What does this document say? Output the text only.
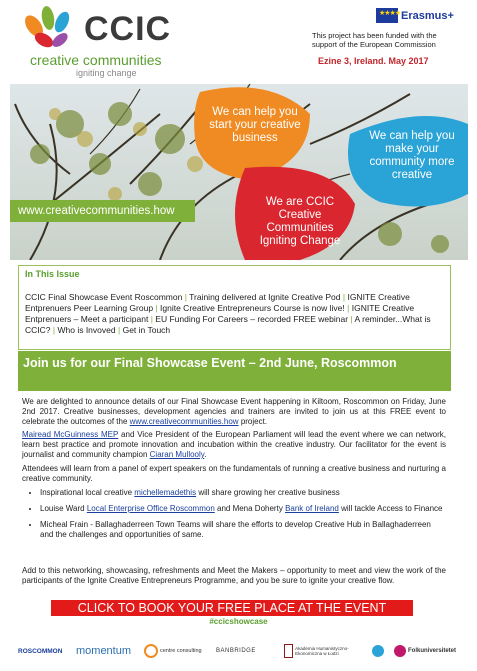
CCIC
creative communities
igniting change
★★★★ Erasmus+
This project has been funded with the support of the European Commission
Ezine 3, Ireland. May 2017
We can help you start your creative business	We can help you make your community more creative
We are CCIC Creative Communities Igniting Change
www.creativecommunities.how
In This Issue
CCIC Final Showcase Event Roscommon | Training delivered at Ignite Creative Pod | IGNITE Creative Entprenuers Peer Learning Group | Ignite Creative Entrepreneurs Course is now live! | IGNITE Creative Entprenuers – Meet a participant | EU Funding For Careers – recorded FREE webinar | A reminder...What is CCIC? | Who is Invoved | Get in Touch
Join us for our Final Showcase Event – 2nd June, Roscommon
We are delighted to announce details of our Final Showcase Event happening in Kiltoom, Roscommon on Friday, June 2nd 2017. Creative businesses, development agencies and trainers are invited to join us at this FREE event to celebrate the outcomes of the www.creativecommunities.how project.
Mairead McGuinness MEP and Vice President of the European Parliament will lead the event where we can network, learn best practice and promote innovation and incubation within the creative industry. Our facilitator for the event is journalist and community champion Ciaran Mullooly.
Attendees will learn from a panel of expert speakers on the fundamentals of running a creative business and nurturing a creative community.
• Inspirational local creative michellemadethis will share growing her creative business
• Louise Ward Local Enterprise Office Roscommon and Mena Doherty Bank of Ireland will tackle Access to Finance
• Micheal Frain - Ballaghaderreen Town Teams will share the efforts to develop Creative Hub in Ballaghaderreen and the challenges and opportunities of same.
Add to this networking, showcasing, refreshments and Meet the Makers – opportunity to meet and view the work of the participants of the Ignite Creative Entrepreneurs Programme, and you be sure to ignite your creative flow.
CLICK TO BOOK YOUR FREE PLACE AT THE EVENT
#ccicshowcase
ROSCOMMON momentum	centre consulting BANBRIDGE	Akademia Humanistyczno-Ekonomiczna w Łodzi	Folkuniversitetet
